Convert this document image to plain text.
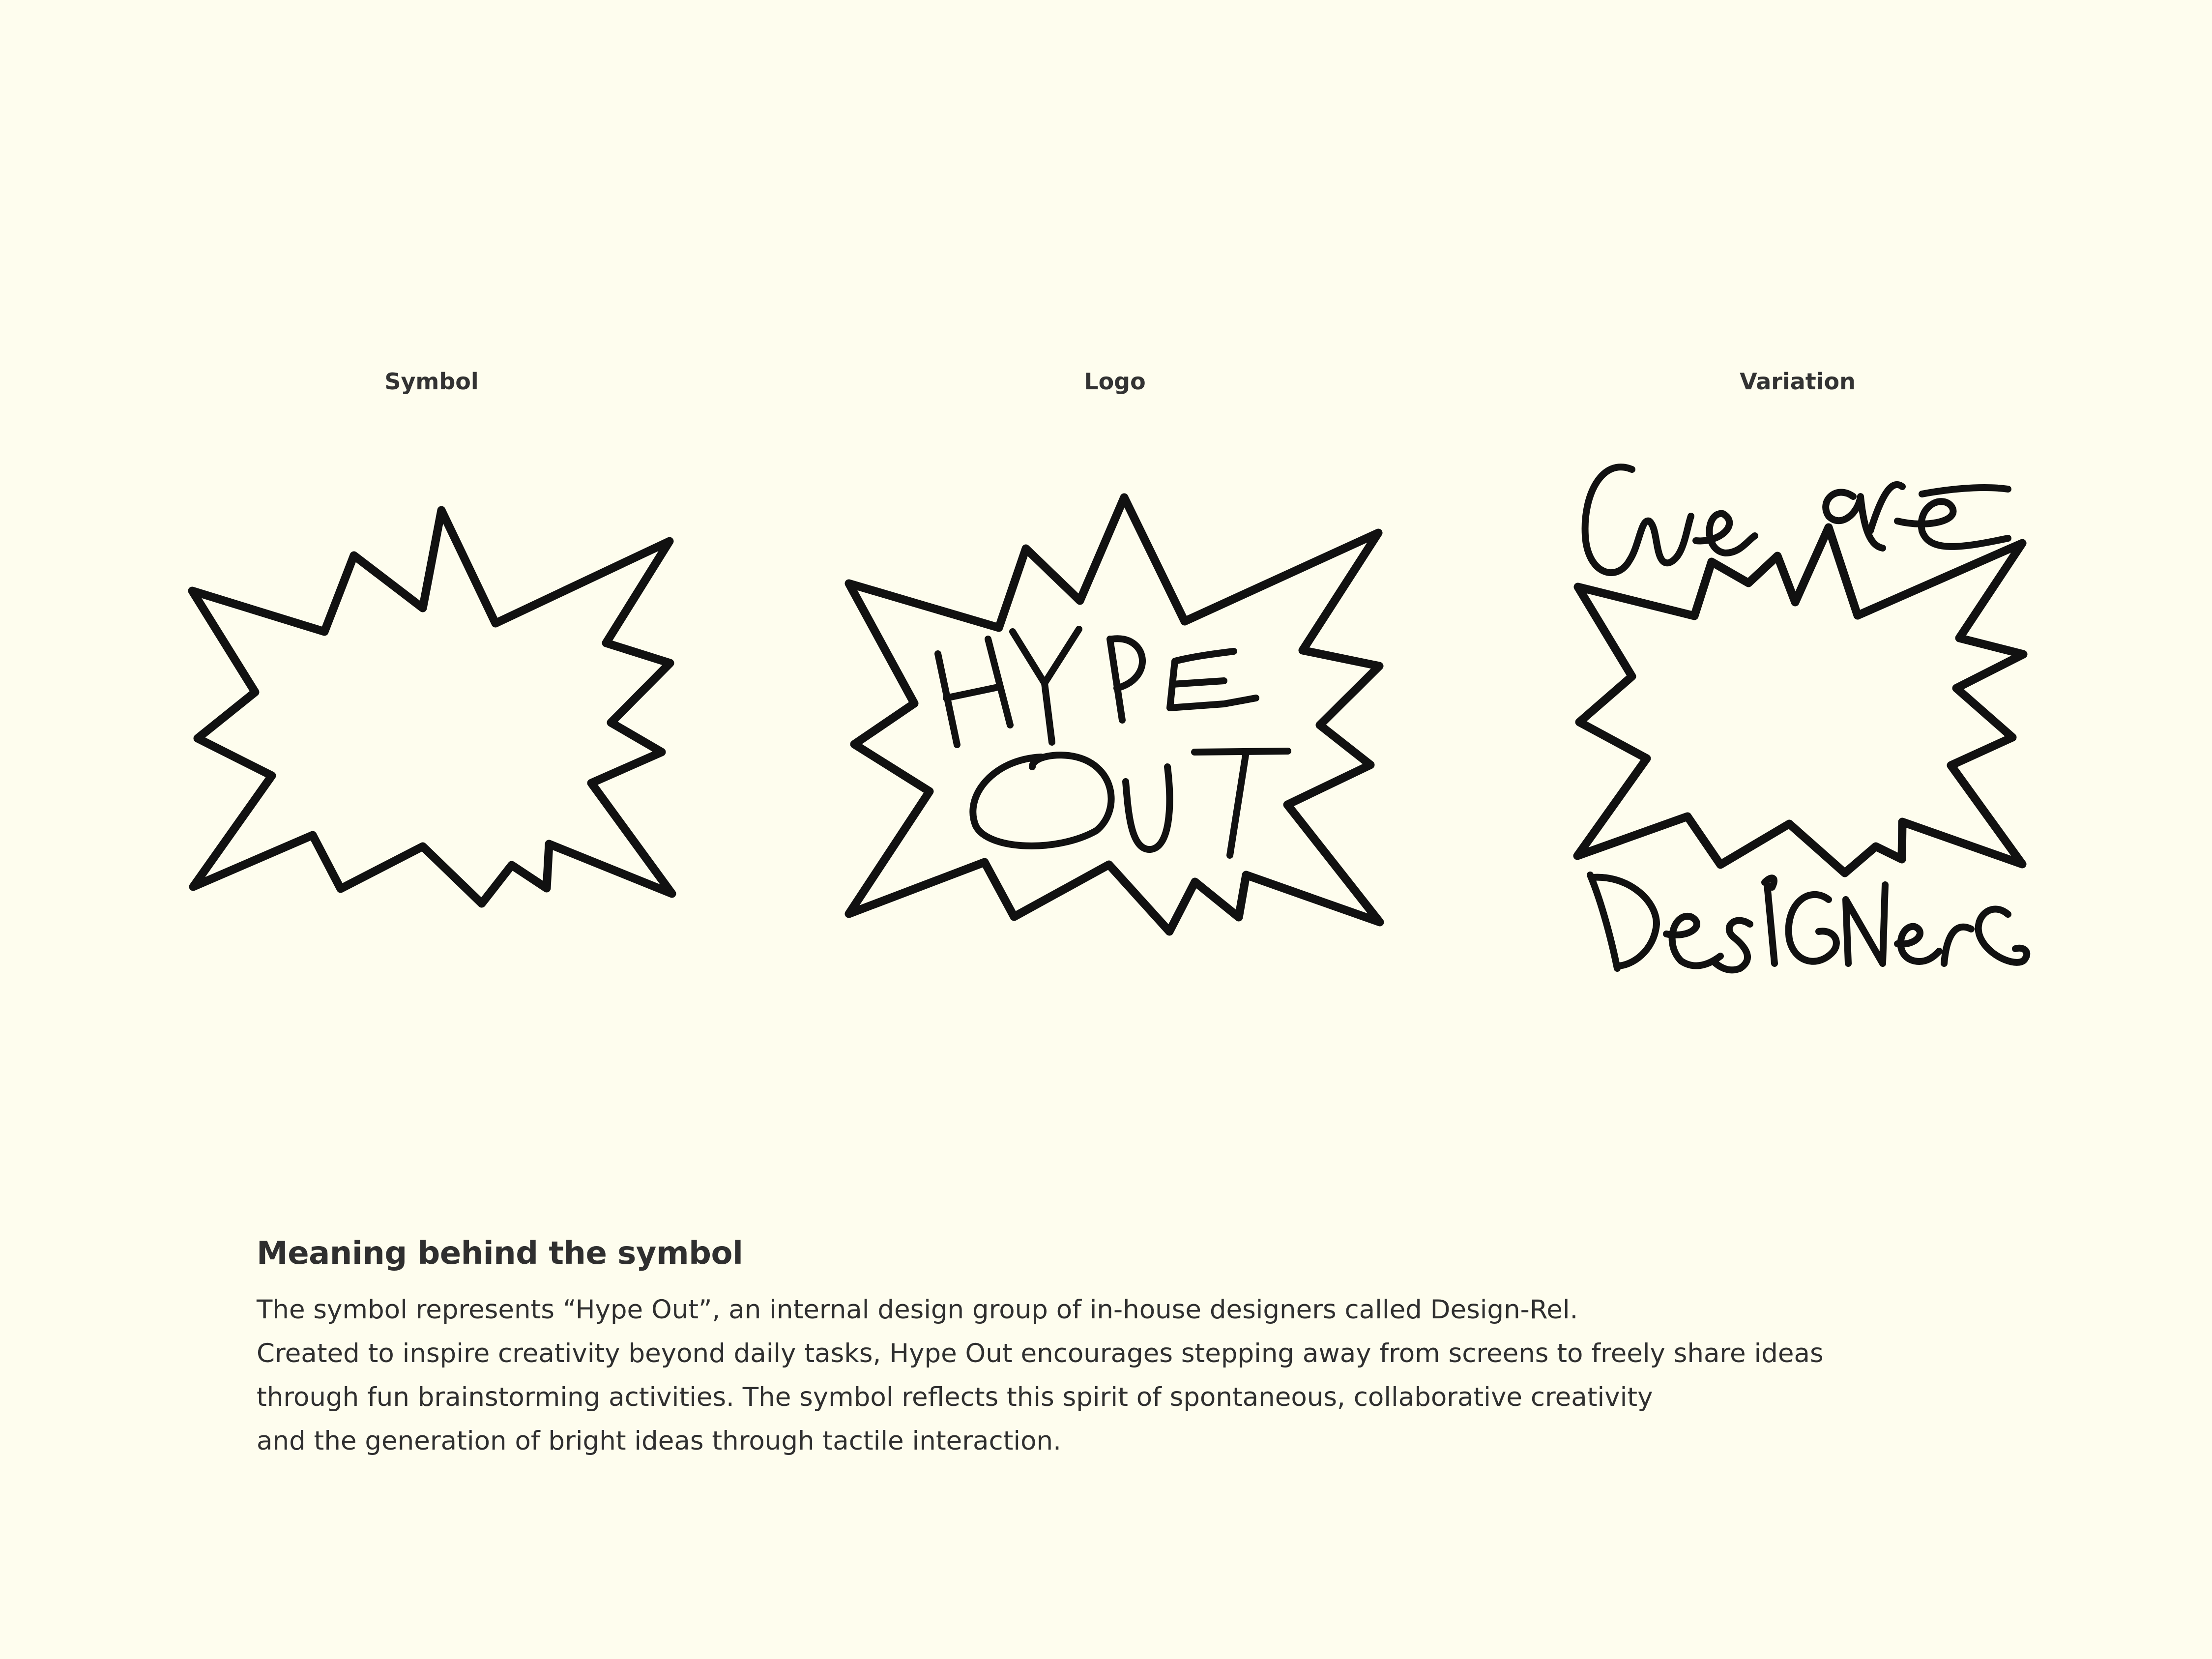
Symbol	Logo	Variation
Meaning behind the symbol

The symbol represents “Hype Out”, an internal design group of in-house designers called Design-Rel.

Created to inspire creativity beyond daily tasks, Hype Out encourages stepping away from screens to freely share ideas

through fun brainstorming activities. The symbol reflects this spirit of spontaneous, collaborative creativity

and the generation of bright ideas through tactile interaction.
